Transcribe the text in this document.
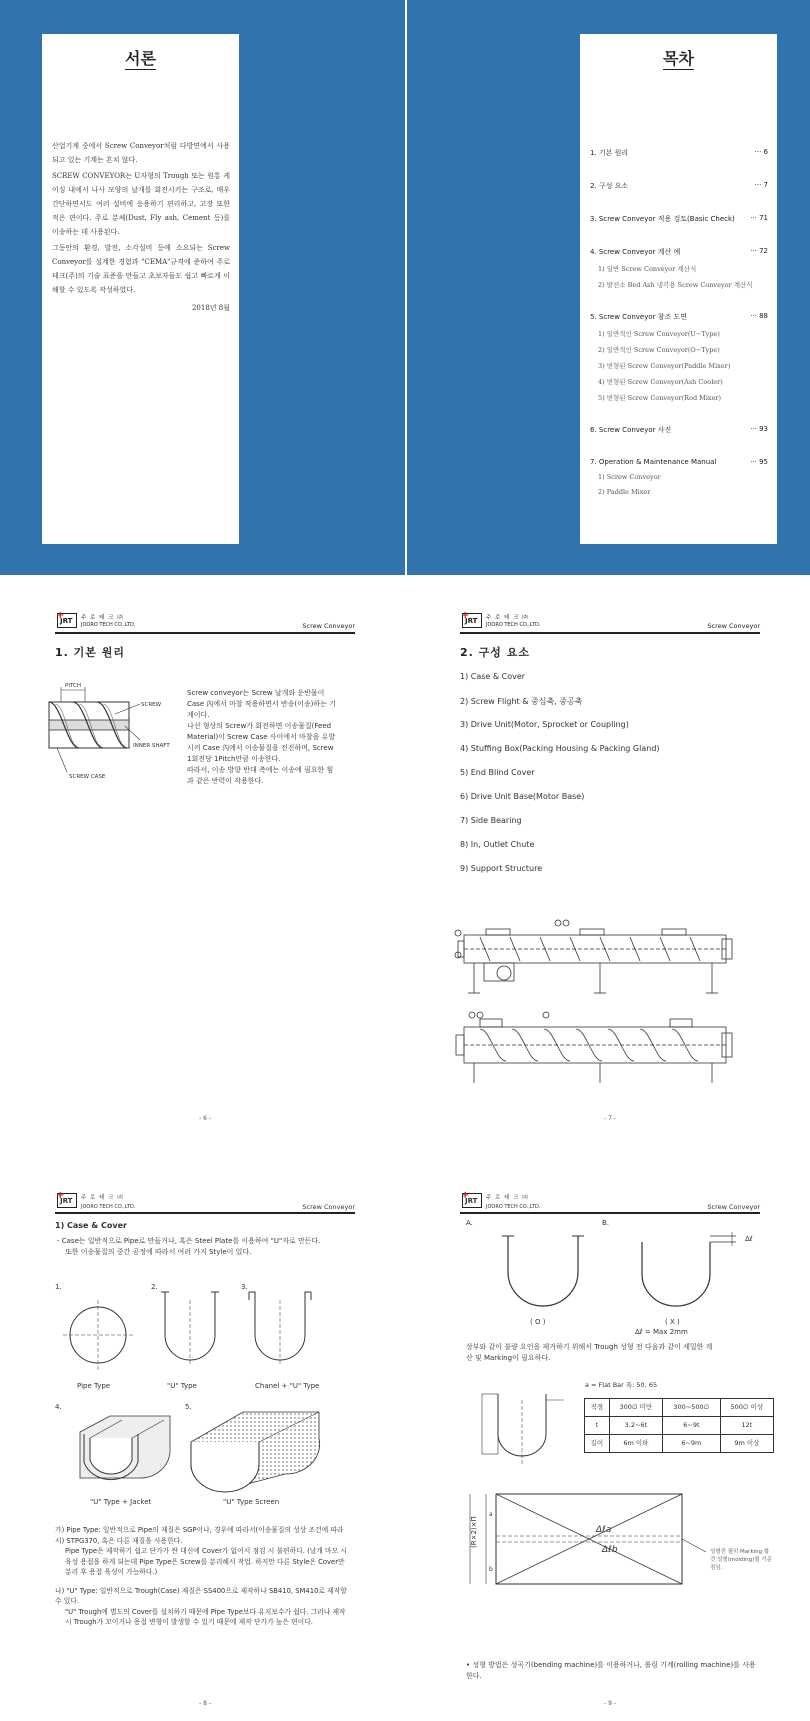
서론

산업기계 중에서 Screw Conveyor처럼 다방면에서 사용되고 있는 기계는 흔치 않다.

SCREW CONVEYOR는 U자형의 Trough 또는 원통 케이싱 내에서 나사 모양의 날개를 회전시키는 구조로, 매우 간단하면서도 여러 설비에 응용하기 편리하고, 고장 또한 적은 편이다. 주로 분체(Dust, Fly ash, Cement 등)를 이송하는 데 사용된다.

그동안의 환경, 발전, 소각설비 등에 소요되는 Screw Conveyor를 설계한 경험과 "CEMA"규격에 준하여 주로테크(주)의 기술 표준을 만들고 초보자들도 쉽고 빠르게 이해할 수 있도록 작성하였다.

2018년 8월

목차
1. 기본 원리	··· 6
2. 구성 요소	··· 7
3. Screw Conveyor 적용 검토(Basic Check)	··· 71
4. Screw Conveyor 계산 예	··· 72
1) 일반 Screw Conveyor 계산식
2) 발전소 Bed Ash 냉각용 Screw Conveyor 계산식
5. Screw Conveyor 참조 도면	··· 88
1) 일반적인 Screw Conveyor(U−Type)
2) 일반적인 Screw Conveyor(O−Type)
3) 변형된 Screw Conveyor(Paddle Mixer)
4) 변형된 Screw Conveyor(Ash Cooler)
5) 변형된 Screw Conveyor(Rod Mixer)
6. Screw Conveyor 사진	··· 93
7. Operation & Maintenance Manual	··· 95
1) Screw Conveyor
2) Paddle Mixer
+
JRT 주 로 테 크 ㈜
JOORO TECH CO.,LTD.	Screw Conveyor
1. 기본 원리
PITCH
SCREW
INNER SHAFT
SCREW CASE

Screw conveyor는 Screw 날개와 운반물이 Case 內에서 마찰 작용하면서 반송(이송)하는 기계이다.

나선 형상의 Screw가 회전하면 이송물질(Feed Material)이 Screw Case 사이에서 마찰을 유발시켜 Case 內에서 이송물질을 전진하며, Screw 1회전당 1Pitch만큼 이송한다.

따라서, 이송 방향 반대 측에는 이송에 필요한 힘과 같은 반력이 작용한다.

- 6 -
+
JRT 주 로 테 크 ㈜
JOORO TECH CO.,LTD.	Screw Conveyor
2. 구성 요소
1) Case & Cover
2) Screw Flight & 중심축, 중공축
3) Drive Unit(Motor, Sprocket or Coupling)
4) Stuffing Box(Packing Housing & Packing Gland)
5) End Blind Cover
6) Drive Unit Base(Motor Base)
7) Side Bearing
8) In, Outlet Chute
9) Support Structure
- 7 -
+
JRT 주 로 테 크 ㈜
JOORO TECH CO.,LTD.	Screw Conveyor
1) Case & Cover
- Case는 일반적으로 Pipe로 만들거나, 혹은 Steel Plate를 이용하여 "U"자로 만든다.
또한 이송물질의 중간 공정에 따라서 여러 가지 Style이 있다.
1.	2.	3.
Pipe Type	"U" Type	Chanel + "U" Type
4.	5.
"U" Type + Jacket	"U" Type Screen
가) Pipe Type: 일반적으로 Pipe의 재질은 SGP이나, 경우에 따라서(이송물질의 성상 조건에 따라서) STPG370, 혹은 다른 재질을 사용한다.
Pipe Type은 제작하기 쉽고 단가가 싼 대신에 Cover가 없어서 점검 시 불편하다. (날개 마모 시 육성 용접을 하게 되는데 Pipe Type은 Screw를 분리해서 작업. 하지만 다른 Style은 Cover만 분리 후 용접 육성이 가능하다.)
나) "U" Type: 일반적으로 Trough(Case) 재질은 SS400으로 제작하나 SB410, SM410로 제작할 수 있다.
"U" Trough에 별도의 Cover를 설치하기 때문에 Pipe Type보다 유지보수가 쉽다. 그러나 제작 시 Trough가 꼬이거나 용접 변형이 발생할 수 있기 때문에 제작 단가가 높은 편이다.
- 8 -
+
JRT 주 로 테 크 ㈜
JOORO TECH CO.,LTD.	Screw Conveyor
A.	B.
Δℓ
( O )	( X )
Δℓ = Max 2mm
상부와 같이 불량 요인을 제거하기 위해서 Trough 성형 전 다음과 같이 세밀한 계산 및 Marking이 필요하다.
a = Flat Bar 폭: 50, 65
직경	300∅ 미만	300~500∅	500∅ 이상
t	3.2~6t	6~9t	12t
길이	6m 이하	6~9m	9m 이상
(R×2)×Π
a
b
Δℓa
Δℓb	성형전 필히 Marking 할 것 성형(molding)될 기준점임.
• 성형 방법은 성곡기(bending machine)를 이용하거나, 롤링 기계(rolling machine)를 사용한다.
- 9 -
